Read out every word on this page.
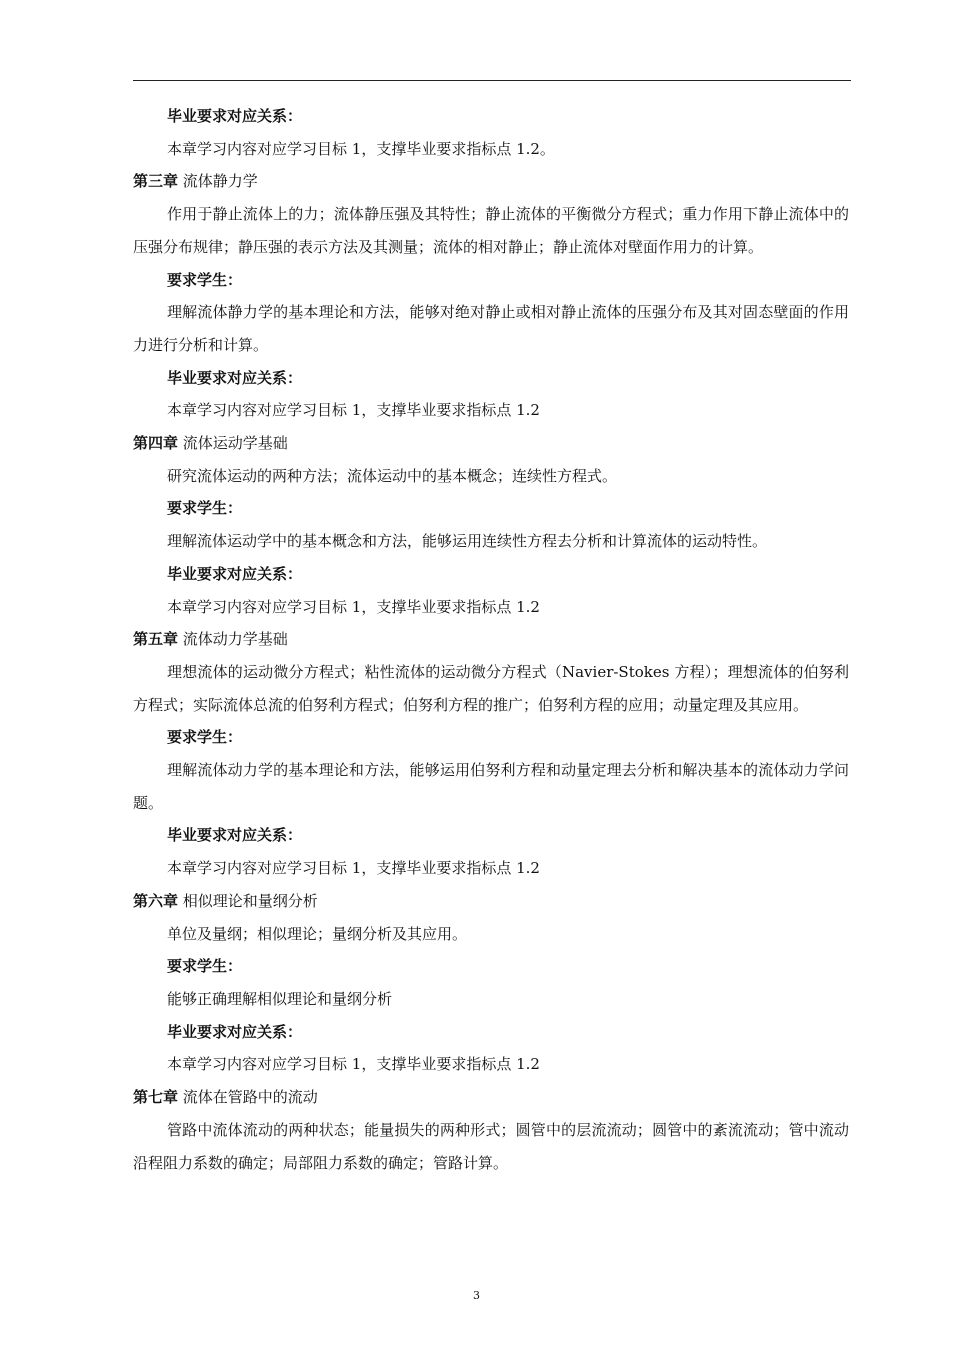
毕业要求对应关系：

本章学习内容对应学习目标 1，支撑毕业要求指标点 1.2。

第三章 流体静力学

作用于静止流体上的力；流体静压强及其特性；静止流体的平衡微分方程式；重力作用下静止流体中的压强分布规律；静压强的表示方法及其测量；流体的相对静止；静止流体对壁面作用力的计算。

要求学生：

理解流体静力学的基本理论和方法，能够对绝对静止或相对静止流体的压强分布及其对固态壁面的作用力进行分析和计算。

毕业要求对应关系：

本章学习内容对应学习目标 1，支撑毕业要求指标点 1.2

第四章 流体运动学基础

研究流体运动的两种方法；流体运动中的基本概念；连续性方程式。

要求学生：

理解流体运动学中的基本概念和方法，能够运用连续性方程去分析和计算流体的运动特性。

毕业要求对应关系：

本章学习内容对应学习目标 1，支撑毕业要求指标点 1.2

第五章 流体动力学基础

理想流体的运动微分方程式；粘性流体的运动微分方程式（Navier-Stokes 方程）；理想流体的伯努利方程式；实际流体总流的伯努利方程式；伯努利方程的推广；伯努利方程的应用；动量定理及其应用。

要求学生：

理解流体动力学的基本理论和方法，能够运用伯努利方程和动量定理去分析和解决基本的流体动力学问题。

毕业要求对应关系：

本章学习内容对应学习目标 1，支撑毕业要求指标点 1.2

第六章 相似理论和量纲分析

单位及量纲；相似理论；量纲分析及其应用。

要求学生：

能够正确理解相似理论和量纲分析

毕业要求对应关系：

本章学习内容对应学习目标 1，支撑毕业要求指标点 1.2

第七章 流体在管路中的流动

管路中流体流动的两种状态；能量损失的两种形式；圆管中的层流流动；圆管中的紊流流动；管中流动沿程阻力系数的确定；局部阻力系数的确定；管路计算。

3
